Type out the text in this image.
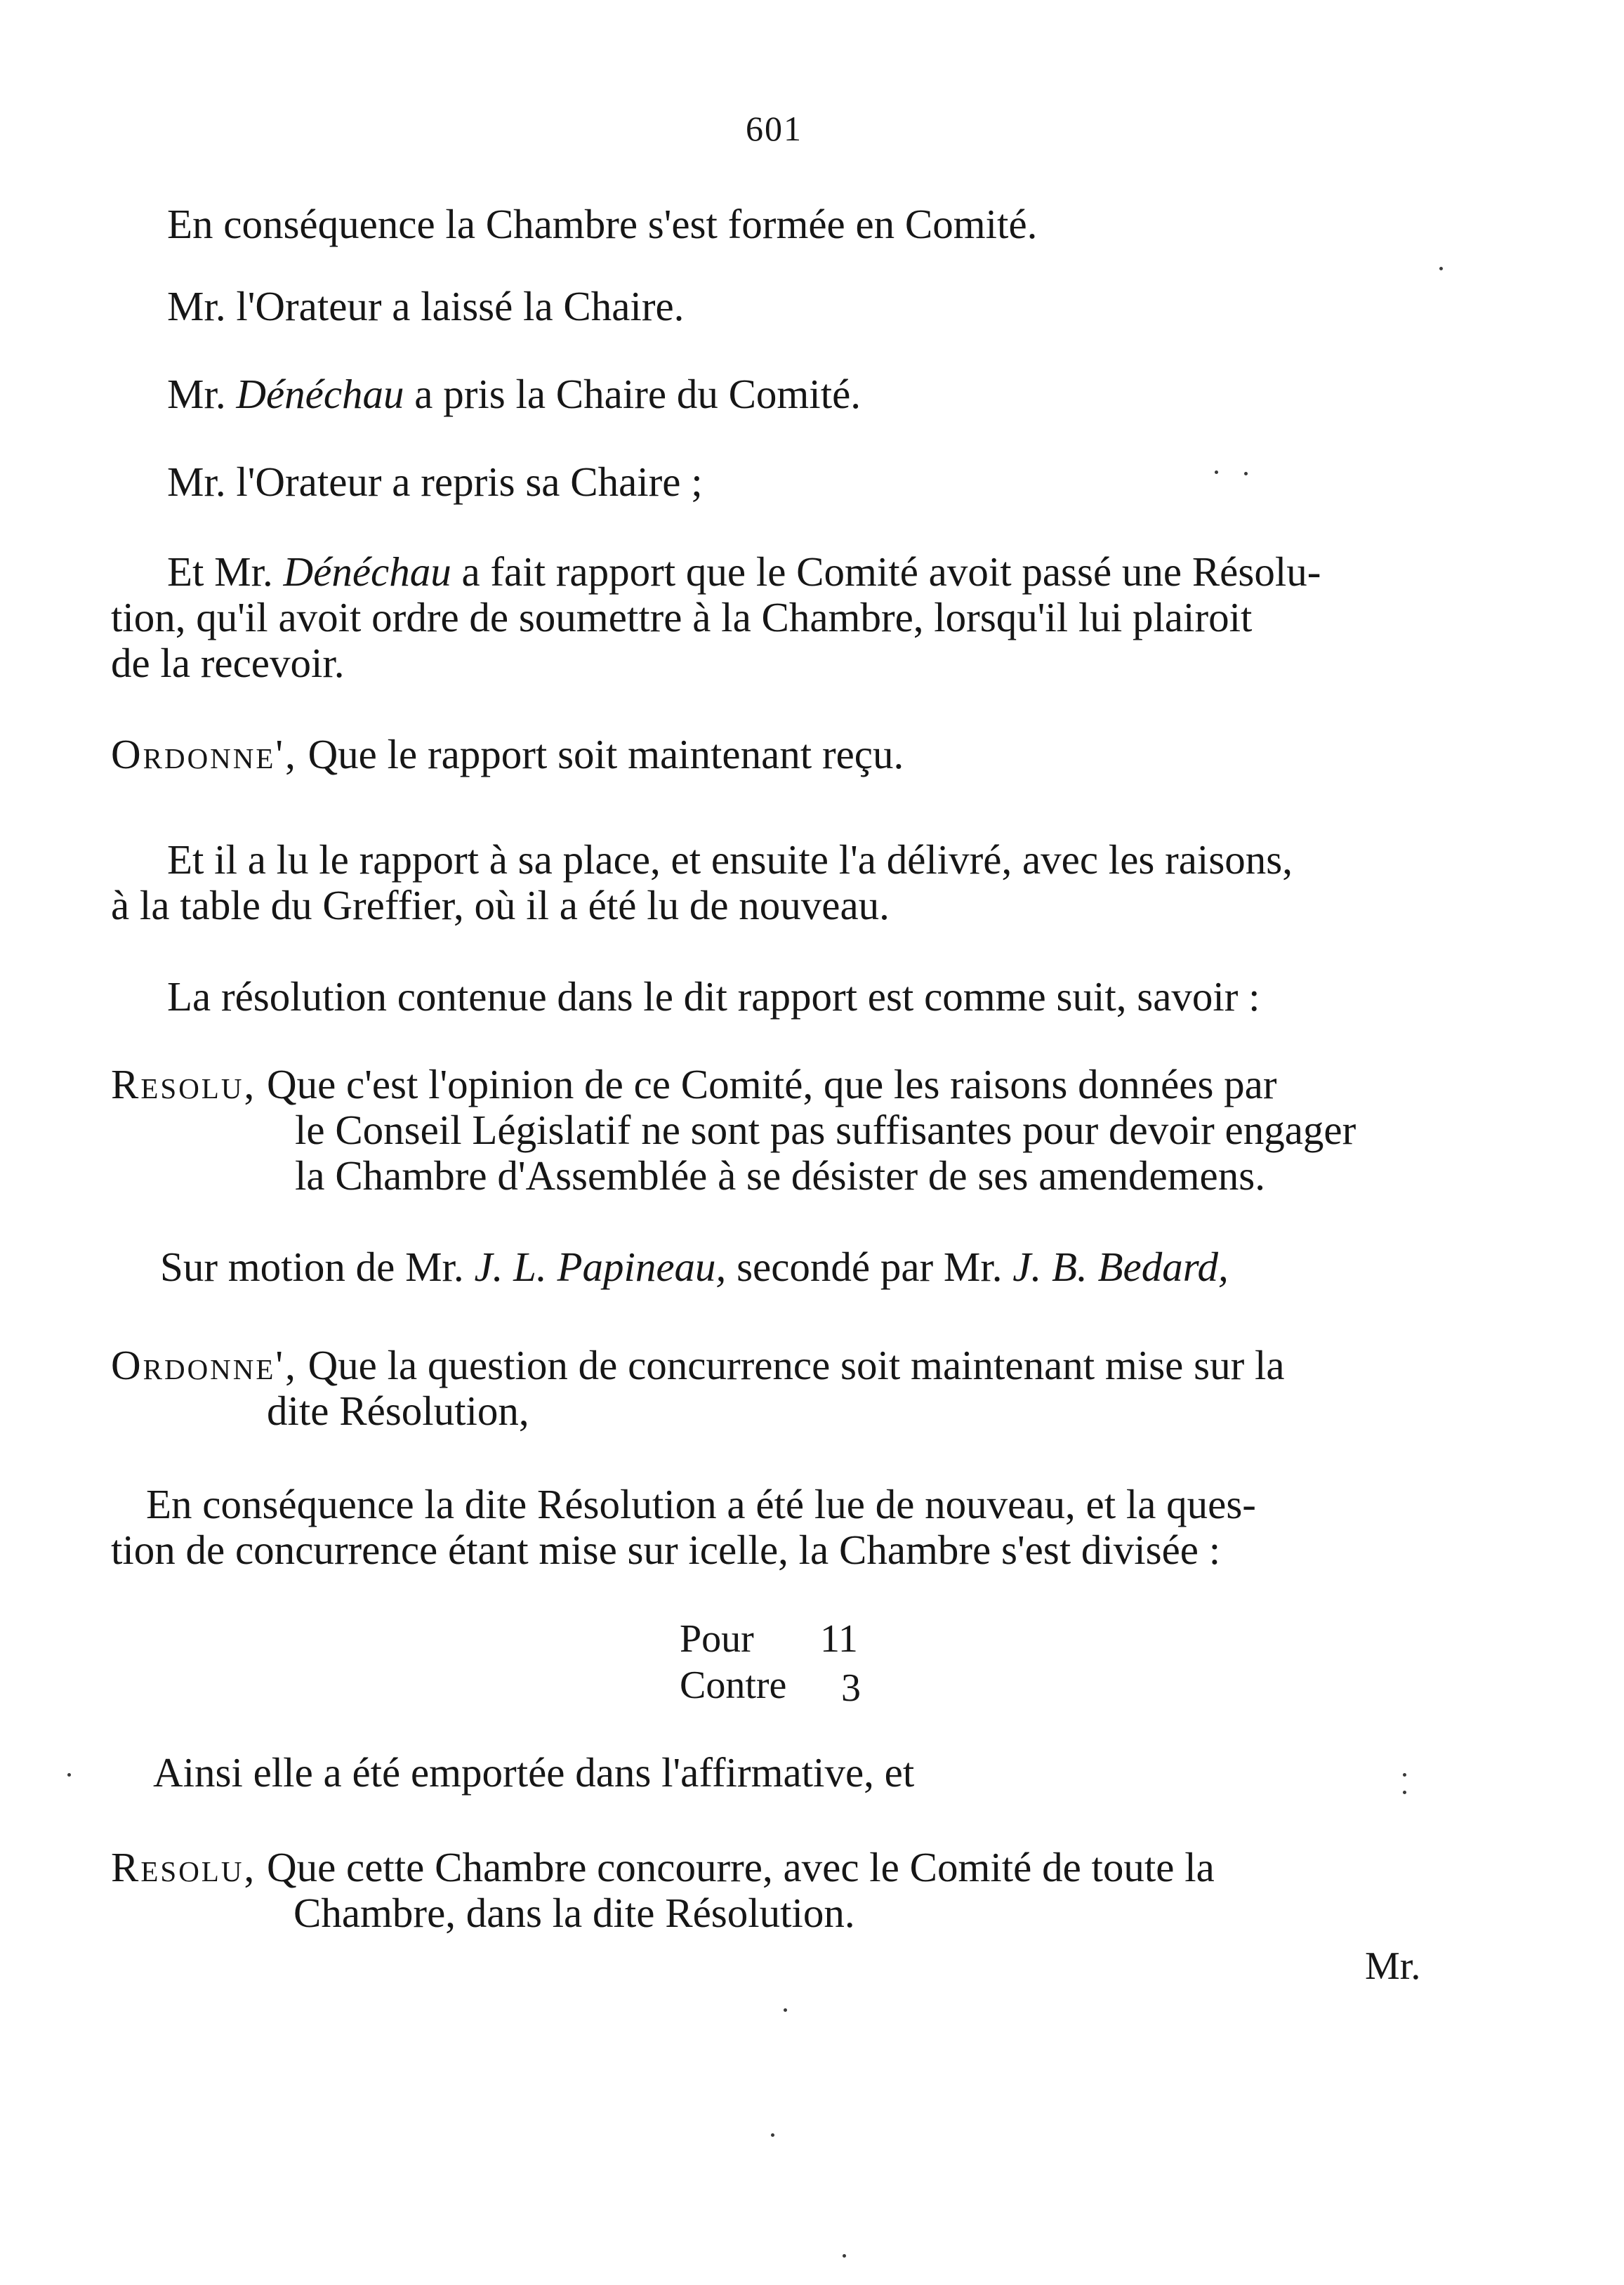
601
En conséquence la Chambre s'est formée en Comité.
Mr. l'Orateur a laissé la Chaire.
Mr. Dénéchau a pris la Chaire du Comité.
Mr. l'Orateur a repris sa Chaire ;
Et Mr. Dénéchau a fait rapport que le Comité avoit passé une Résolu-
tion, qu'il avoit ordre de soumettre à la Chambre, lorsqu'il lui plairoit
de la recevoir.
Ordonne', Que le rapport soit maintenant reçu.
Et il a lu le rapport à sa place, et ensuite l'a délivré, avec les raisons,
à la table du Greffier, où il a été lu de nouveau.
La résolution contenue dans le dit rapport est comme suit, savoir :
Resolu, Que c'est l'opinion de ce Comité, que les raisons données par
le Conseil Législatif ne sont pas suffisantes pour devoir engager
la Chambre d'Assemblée à se désister de ses amendemens.
Sur motion de Mr. J. L. Papineau, secondé par Mr. J. B. Bedard,
Ordonne', Que la question de concurrence soit maintenant mise sur la
dite Résolution,
En conséquence la dite Résolution a été lue de nouveau, et la ques-
tion de concurrence étant mise sur icelle, la Chambre s'est divisée :
Pour 11
Contre 3
Ainsi elle a été emportée dans l'affirmative, et
Resolu, Que cette Chambre concourre, avec le Comité de toute la
Chambre, dans la dite Résolution.
Mr.
